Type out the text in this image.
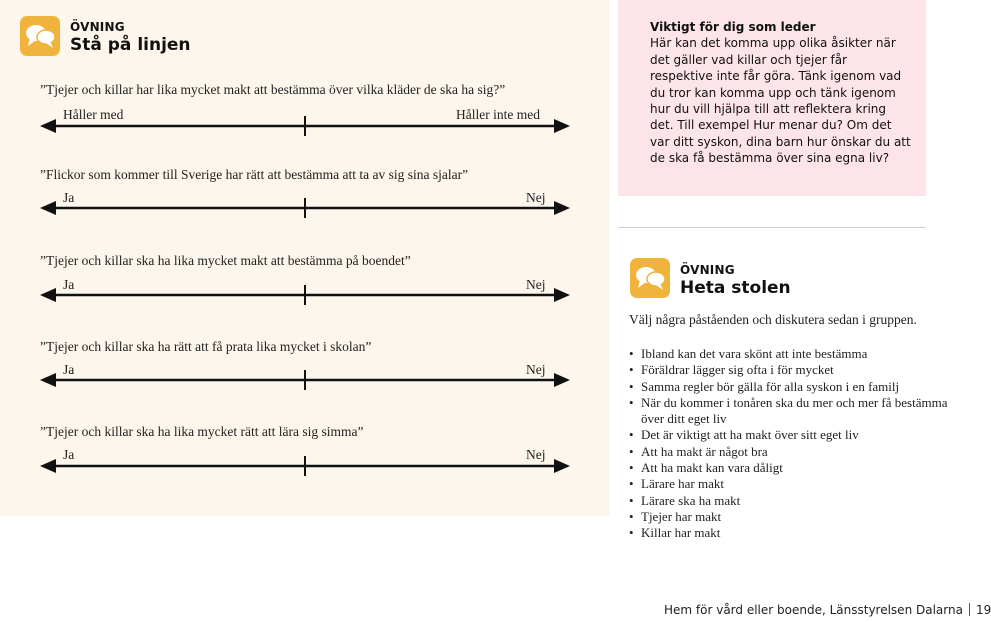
ÖVNING
Stå på linjen
”Tjejer och killar har lika mycket makt att bestämma över vilka kläder de ska ha sig?”
Håller med	Håller inte med
”Flickor som kommer till Sverige har rätt att bestämma att ta av sig sina sjalar”
Ja	Nej
”Tjejer och killar ska ha lika mycket makt att bestämma på boendet”
Ja	Nej
”Tjejer och killar ska ha rätt att få prata lika mycket i skolan”
Ja	Nej
”Tjejer och killar ska ha lika mycket rätt att lära sig simma”
Ja	Nej
Viktigt för dig som leder
Här kan det komma upp olika åsikter när det gäller vad killar och tjejer får respektive inte får göra. Tänk igenom vad du tror kan komma upp och tänk igenom hur du vill hjälpa till att reflektera kring det. Till exempel Hur menar du? Om det var ditt syskon, dina barn hur önskar du att de ska få bestämma över sina egna liv?
ÖVNING
Heta stolen
Välj några påståenden och diskutera sedan i gruppen.
• Ibland kan det vara skönt att inte bestämma
• Föräldrar lägger sig ofta i för mycket
• Samma regler bör gälla för alla syskon i en familj
• När du kommer i tonåren ska du mer och mer få bestämma över ditt eget liv
• Det är viktigt att ha makt över sitt eget liv
• Att ha makt är något bra
• Att ha makt kan vara dåligt
• Lärare har makt
• Lärare ska ha makt
• Tjejer har makt
• Killar har makt
Hem för vård eller boende, Länsstyrelsen Dalarna 19
